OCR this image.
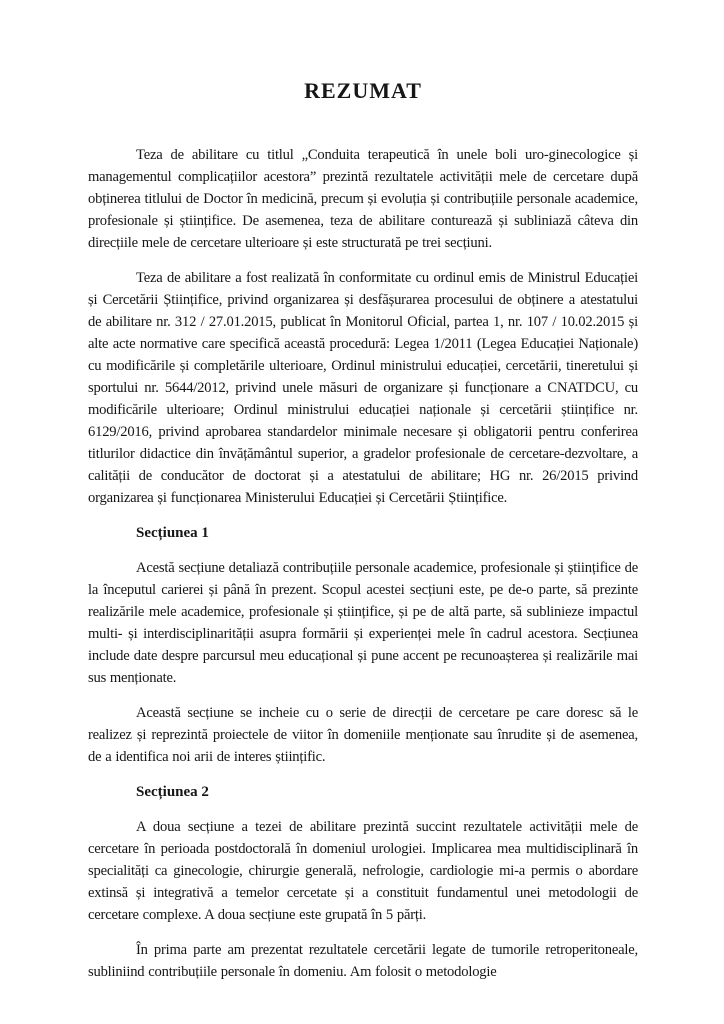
REZUMAT

Teza de abilitare cu titlul „Conduita terapeutică în unele boli uro-ginecologice și managementul complicațiilor acestora” prezintă rezultatele activității mele de cercetare după obținerea titlului de Doctor în medicină, precum și evoluția și contribuțiile personale academice, profesionale și științifice. De asemenea, teza de abilitare conturează și subliniază câteva din direcțiile mele de cercetare ulterioare și este structurată pe trei secțiuni.

Teza de abilitare a fost realizată în conformitate cu ordinul emis de Ministrul Educației și Cercetării Științifice, privind organizarea și desfășurarea procesului de obținere a atestatului de abilitare nr. 312 / 27.01.2015, publicat în Monitorul Oficial, partea 1, nr. 107 / 10.02.2015 și alte acte normative care specifică această procedură: Legea 1/2011 (Legea Educației Naționale) cu modificările și completările ulterioare, Ordinul ministrului educației, cercetării, tineretului și sportului nr. 5644/2012, privind unele măsuri de organizare și funcționare a CNATDCU, cu modificările ulterioare; Ordinul ministrului educației naționale și cercetării științifice nr. 6129/2016, privind aprobarea standardelor minimale necesare și obligatorii pentru conferirea titlurilor didactice din învățământul superior, a gradelor profesionale de cercetare-dezvoltare, a calității de conducător de doctorat și a atestatului de abilitare; HG nr. 26/2015 privind organizarea și funcționarea Ministerului Educației și Cercetării Științifice.

Secțiunea 1

Acestă secțiune detaliază contribuțiile personale academice, profesionale și științifice de la începutul carierei și până în prezent. Scopul acestei secțiuni este, pe de-o parte, să prezinte realizările mele academice, profesionale și științifice, și pe de altă parte, să sublinieze impactul multi- și interdisciplinarității asupra formării și experienței mele în cadrul acestora. Secțiunea include date despre parcursul meu educațional și pune accent pe recunoașterea și realizările mai sus menționate.

Această secțiune se incheie cu o serie de direcții de cercetare pe care doresc să le realizez și reprezintă proiectele de viitor în domeniile menționate sau înrudite și de asemenea, de a identifica noi arii de interes științific.

Secțiunea 2

A doua secțiune a tezei de abilitare prezintă succint rezultatele activității mele de cercetare în perioada postdoctorală în domeniul urologiei. Implicarea mea multidisciplinară în specialități ca ginecologie, chirurgie generală, nefrologie, cardiologie mi-a permis o abordare extinsă și integrativă a temelor cercetate și a constituit fundamentul unei metodologii de cercetare complexe. A doua secțiune este grupată în 5 părți.

În prima parte am prezentat rezultatele cercetării legate de tumorile retroperitoneale, subliniind contribuțiile personale în domeniu. Am folosit o metodologie
